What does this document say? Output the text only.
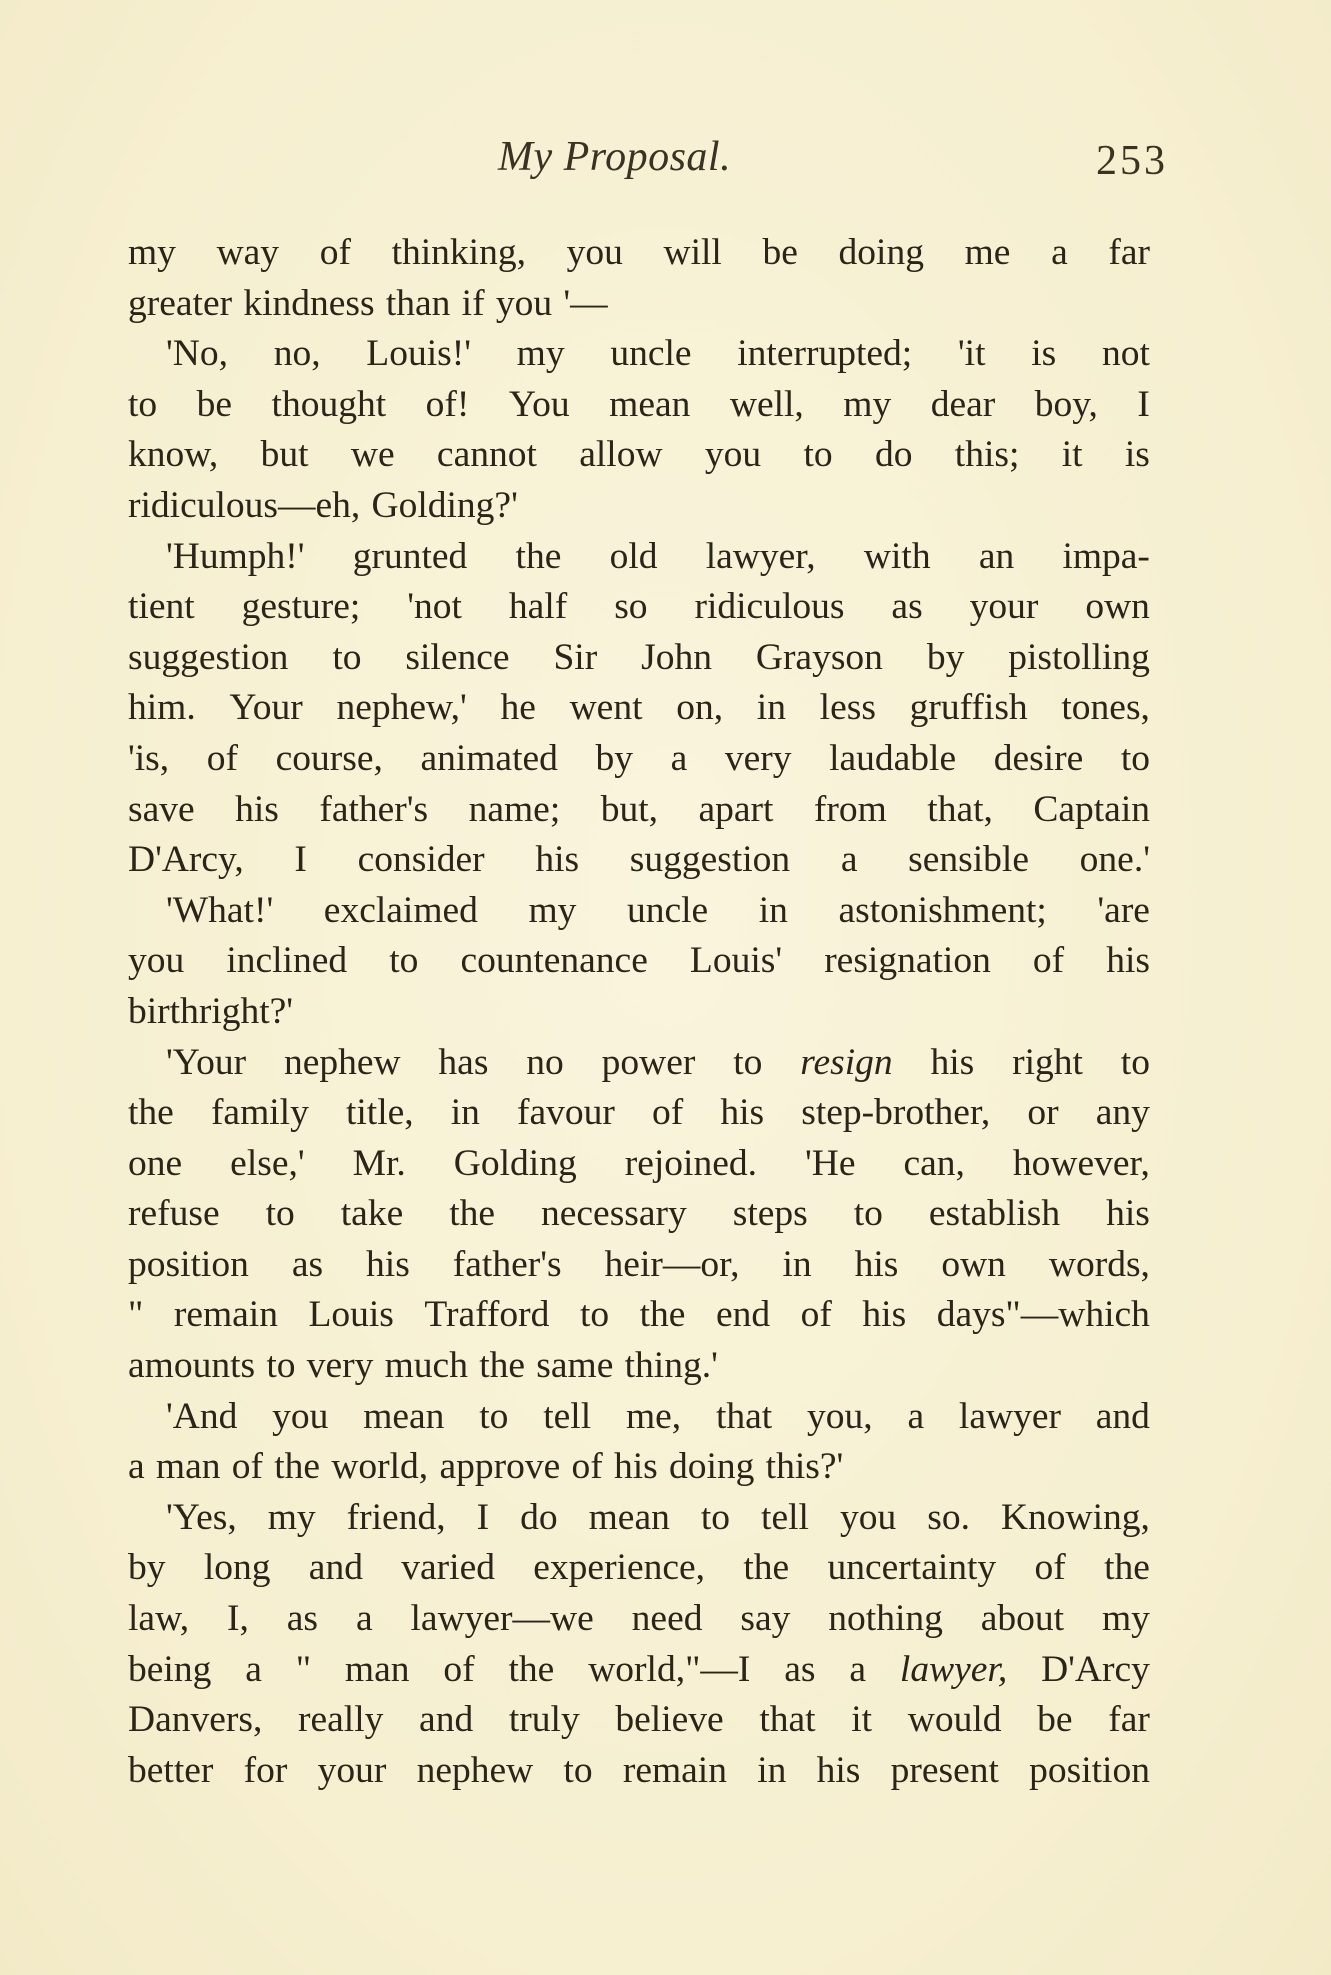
My Proposal.	253
my way of thinking, you will be doing me a far
greater kindness than if you '—
'No, no, Louis!' my uncle interrupted; 'it is not
to be thought of! You mean well, my dear boy, I
know, but we cannot allow you to do this; it is
ridiculous—eh, Golding?'
'Humph!' grunted the old lawyer, with an impa-
tient gesture; 'not half so ridiculous as your own
suggestion to silence Sir John Grayson by pistolling
him. Your nephew,' he went on, in less gruffish tones,
'is, of course, animated by a very laudable desire to
save his father's name; but, apart from that, Captain
D'Arcy, I consider his suggestion a sensible one.'
'What!' exclaimed my uncle in astonishment; 'are
you inclined to countenance Louis' resignation of his
birthright?'
'Your nephew has no power to resign his right to
the family title, in favour of his step-brother, or any
one else,' Mr. Golding rejoined. 'He can, however,
refuse to take the necessary steps to establish his
position as his father's heir—or, in his own words,
" remain Louis Trafford to the end of his days"—which
amounts to very much the same thing.'
'And you mean to tell me, that you, a lawyer and
a man of the world, approve of his doing this?'
'Yes, my friend, I do mean to tell you so. Knowing,
by long and varied experience, the uncertainty of the
law, I, as a lawyer—we need say nothing about my
being a " man of the world,"—I as a lawyer, D'Arcy
Danvers, really and truly believe that it would be far
better for your nephew to remain in his present position
